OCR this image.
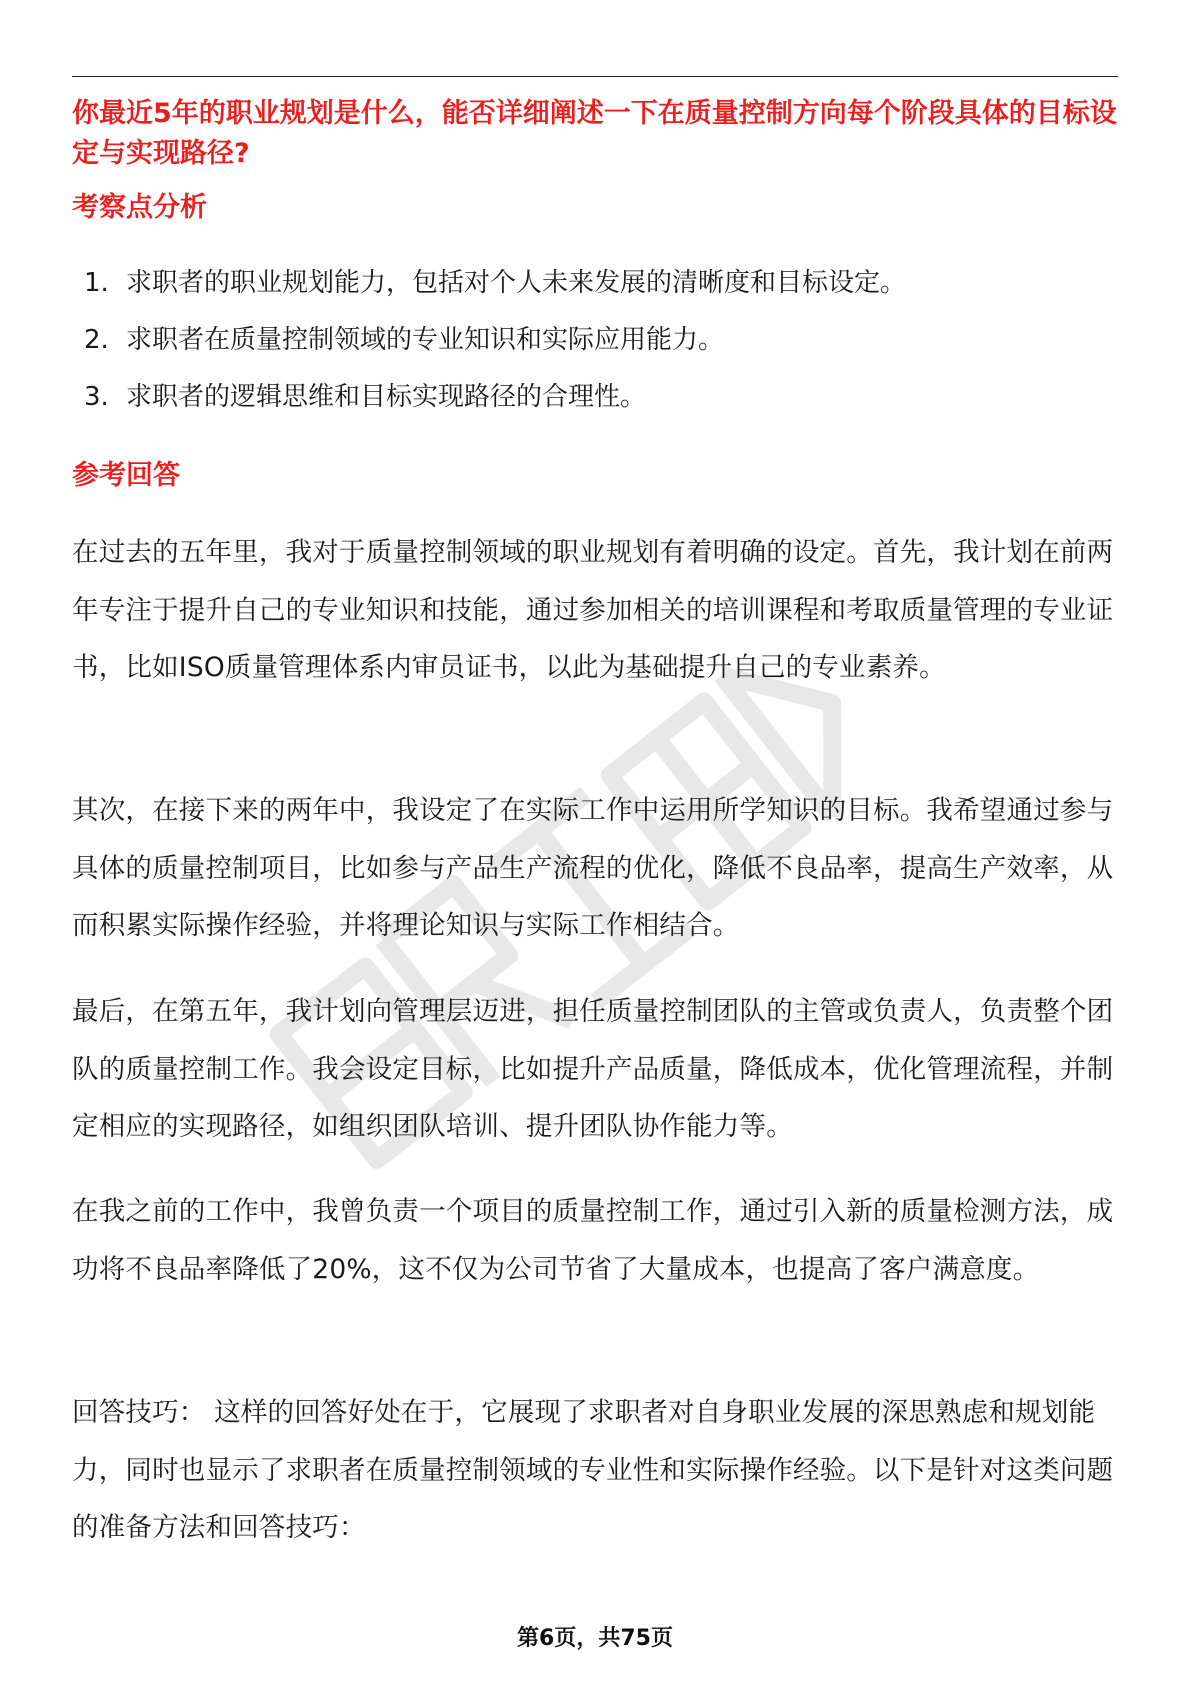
你最近5年的职业规划是什么，能否详细阐述一下在质量控制方向每个阶段具体的目标设定与实现路径?

考察点分析
1. 求职者的职业规划能力，包括对个人未来发展的清晰度和目标设定。
2. 求职者在质量控制领域的专业知识和实际应用能力。
3. 求职者的逻辑思维和目标实现路径的合理性。
参考回答

在过去的五年里，我对于质量控制领域的职业规划有着明确的设定。首先，我计划在前两年专注于提升自己的专业知识和技能，通过参加相关的培训课程和考取质量管理的专业证书，比如ISO质量管理体系内审员证书，以此为基础提升自己的专业素养。

其次，在接下来的两年中，我设定了在实际工作中运用所学知识的目标。我希望通过参与具体的质量控制项目，比如参与产品生产流程的优化，降低不良品率，提高生产效率，从而积累实际操作经验，并将理论知识与实际工作相结合。

最后，在第五年，我计划向管理层迈进，担任质量控制团队的主管或负责人，负责整个团队的质量控制工作。我会设定目标，比如提升产品质量，降低成本，优化管理流程，并制定相应的实现路径，如组织团队培训、提升团队协作能力等。

在我之前的工作中，我曾负责一个项目的质量控制工作，通过引入新的质量检测方法，成功将不良品率降低了20%，这不仅为公司节省了大量成本，也提高了客户满意度。

回答技巧： 这样的回答好处在于，它展现了求职者对自身职业发展的深思熟虑和规划能力，同时也显示了求职者在质量控制领域的专业性和实际操作经验。以下是针对这类问题的准备方法和回答技巧：

第6页，共75页
